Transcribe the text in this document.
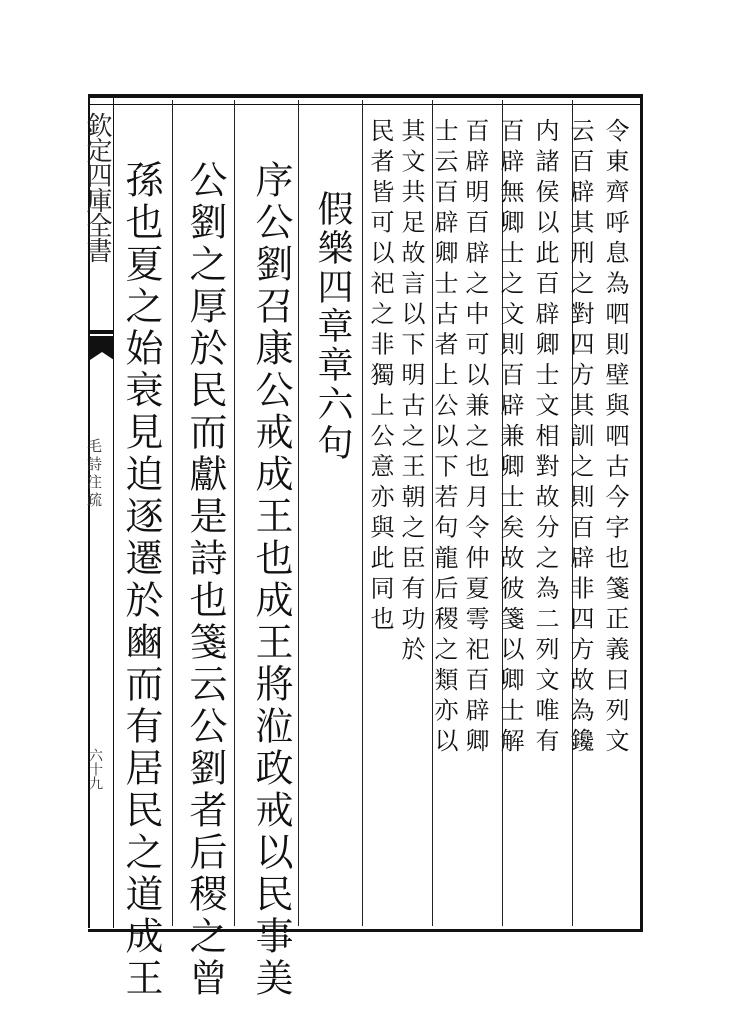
欽定四庫全書
毛詩注疏
六十九
令東齊呼息為呬則壁與呬古今字也箋正義曰列文
云百辟其刑之對四方其訓之則百辟非四方故為鑱
内諸侯以此百辟卿士文相對故分之為二列文唯有
百辟無卿士之文則百辟兼卿士矣故彼箋以卿士解
百辟明百辟之中可以兼之也月令仲夏雩祀百辟卿
士云百辟卿士古者上公以下若句龍后稷之類亦以
其文共足故言以下明古之王朝之臣有功於
民者皆可以祀之非獨上公意亦與此同也
假樂四章章六句
序公劉召康公戒成王也成王將涖政戒以民事美
公劉之厚於民而獻是詩也箋云公劉者后稷之曾
孫也夏之始衰見迫逐遷於豳而有居民之道成王
